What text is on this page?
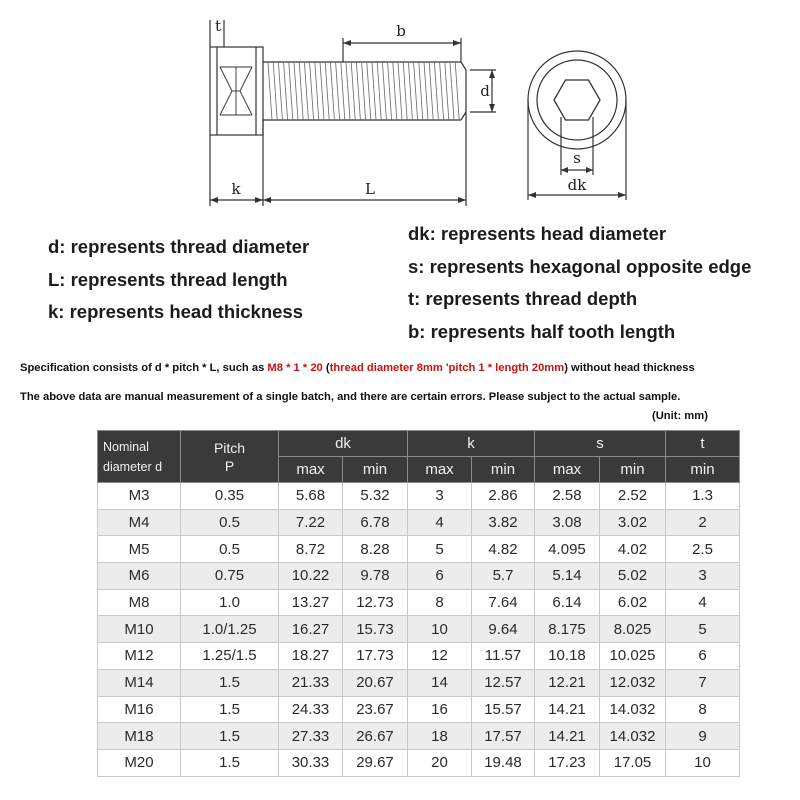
t	b
d
k	L
s
dk
d: represents thread diameter
L: represents thread length
k: represents head thickness
dk: represents head diameter
s: represents hexagonal opposite edge
t: represents thread depth
b: represents half tooth length
Specification consists of d * pitch * L, such as M8 * 1 * 20 (thread diameter 8mm 'pitch 1 * length 20mm) without head thickness
The above data are manual measurement of a single batch, and there are certain errors. Please subject to the actual sample.
(Unit: mm)
Nominal
diameter d	Pitch
P	dk		k		s		t
		max	min	max	min	max	min	min
M3	0.35	5.68	5.32	3	2.86	2.58	2.52	1.3
M4	0.5	7.22	6.78	4	3.82	3.08	3.02	2
M5	0.5	8.72	8.28	5	4.82	4.095	4.02	2.5
M6	0.75	10.22	9.78	6	5.7	5.14	5.02	3
M8	1.0	13.27	12.73	8	7.64	6.14	6.02	4
M10	1.0/1.25	16.27	15.73	10	9.64	8.175	8.025	5
M12	1.25/1.5	18.27	17.73	12	11.57	10.18	10.025	6
M14	1.5	21.33	20.67	14	12.57	12.21	12.032	7
M16	1.5	24.33	23.67	16	15.57	14.21	14.032	8
M18	1.5	27.33	26.67	18	17.57	14.21	14.032	9
M20	1.5	30.33	29.67	20	19.48	17.23	17.05	10
